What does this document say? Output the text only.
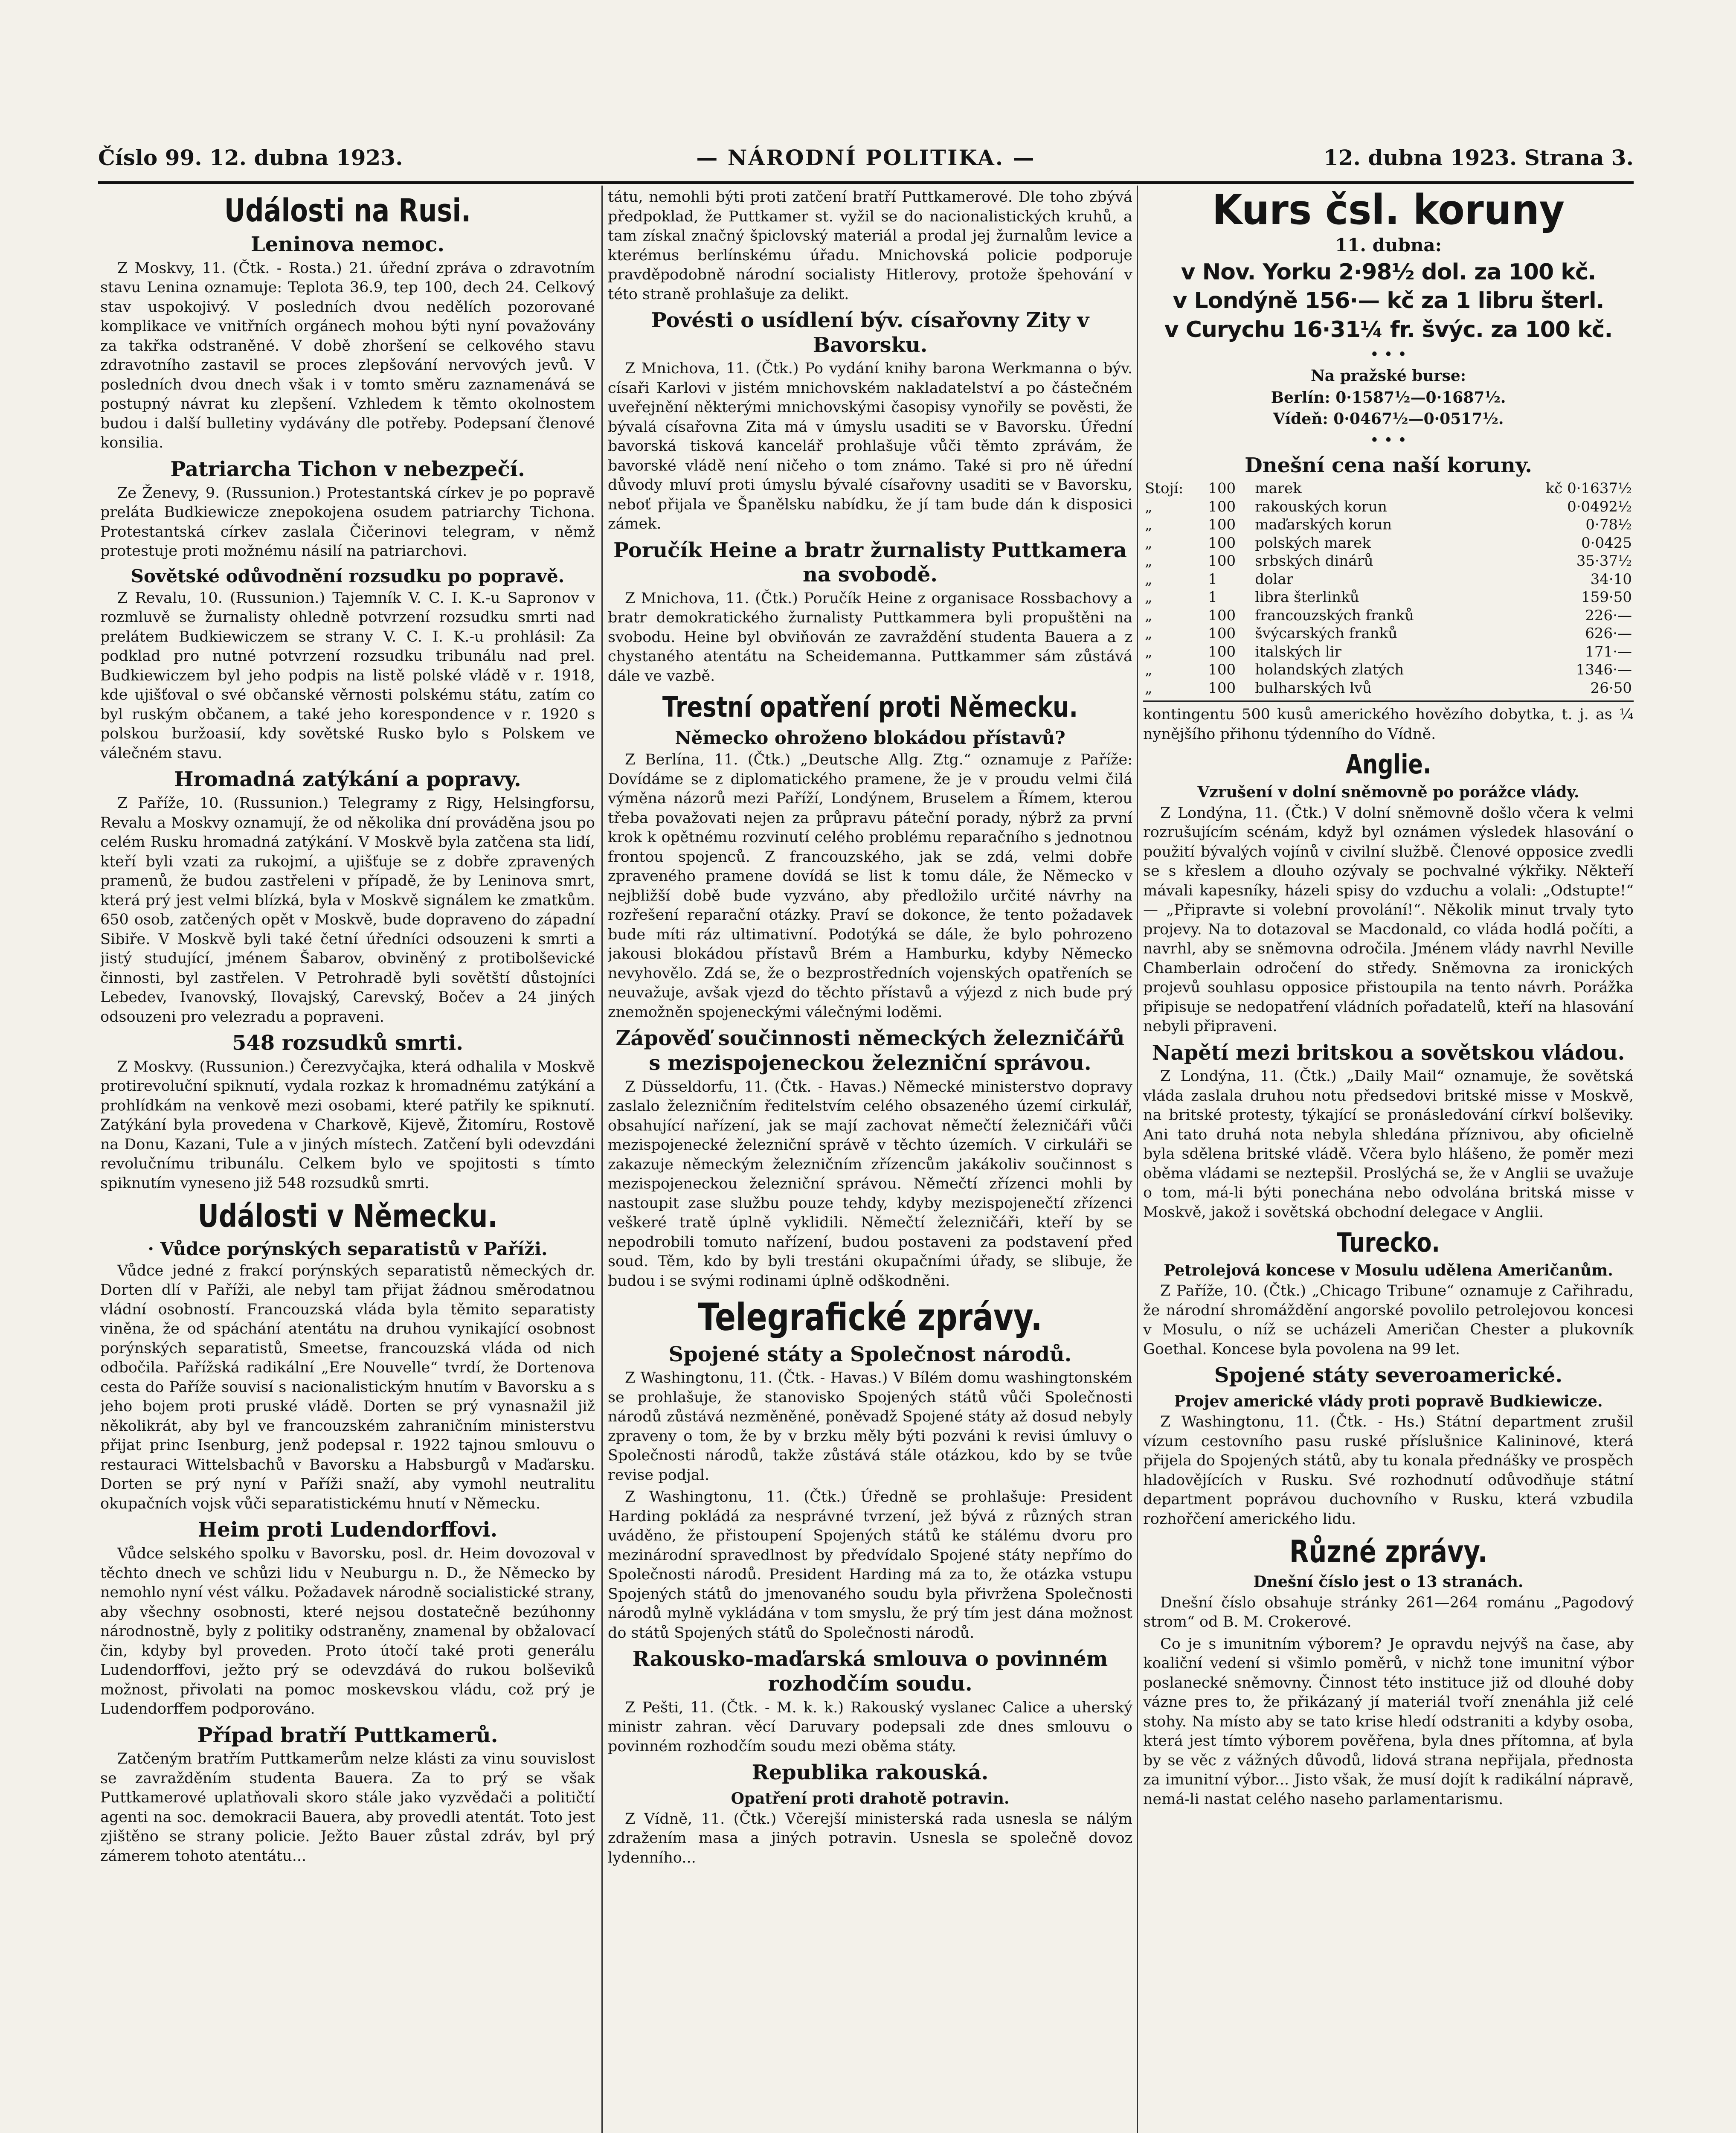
Číslo 99. 12. dubna 1923.	— NÁRODNÍ POLITIKA. —	12. dubna 1923. Strana 3.
Události na Rusi.
Leninova nemoc.

Z Moskvy, 11. (Čtk. - Rosta.) 21. úřední zpráva o zdravotním stavu Lenina oznamuje: Teplota 36.9, tep 100, dech 24. Celkový stav uspokojivý. V posledních dvou nedělích pozorované komplikace ve vnitřních orgánech mohou býti nyní považovány za takřka odstraněné. V době zhoršení se celkového stavu zdravotního zastavil se proces zlepšování nervových jevů. V posledních dvou dnech však i v tomto směru zaznamenává se postupný návrat ku zlepšení. Vzhledem k těmto okolnostem budou i další bulletiny vydávány dle potřeby. Podepsaní členové konsilia.

Patriarcha Tichon v nebezpečí.

Ze Ženevy, 9. (Russunion.) Protestantská církev je po popravě preláta Budkiewicze znepokojena osudem patriarchy Tichona. Protestantská církev zaslala Čičerinovi telegram, v němž protestuje proti možnému násilí na patriarchovi.

Sovětské odůvodnění rozsudku po popravě.

Z Revalu, 10. (Russunion.) Tajemník V. C. I. K.-u Sapronov v rozmluvě se žurnalisty ohledně potvrzení rozsudku smrti nad prelátem Budkiewiczem se strany V. C. I. K.-u prohlásil: Za podklad pro nutné potvrzení rozsudku tribunálu nad prel. Budkiewiczem byl jeho podpis na listě polské vládě v r. 1918, kde ujišťoval o své občanské věrnosti polskému státu, zatím co byl ruským občanem, a také jeho korespondence v r. 1920 s polskou buržoasií, kdy sovětské Rusko bylo s Polskem ve válečném stavu.

Hromadná zatýkání a popravy.

Z Paříže, 10. (Russunion.) Telegramy z Rigy, Helsingforsu, Revalu a Moskvy oznamují, že od několika dní prováděna jsou po celém Rusku hromadná zatýkání. V Moskvě byla zatčena sta lidí, kteří byli vzati za rukojmí, a ujišťuje se z dobře zpravených pramenů, že budou zastřeleni v případě, že by Leninova smrt, která prý jest velmi blízká, byla v Moskvě signálem ke zmatkům. 650 osob, zatčených opět v Moskvě, bude dopraveno do západní Sibiře. V Moskvě byli také četní úředníci odsouzeni k smrti a jistý studující, jménem Šabarov, obviněný z protibolševické činnosti, byl zastřelen. V Petrohradě byli sovětští důstojníci Lebedev, Ivanovský, Ilovajský, Carevský, Bočev a 24 jiných odsouzeni pro velezradu a popraveni.

548 rozsudků smrti.

Z Moskvy. (Russunion.) Čerezvyčajka, která odhalila v Moskvě protirevoluční spiknutí, vydala rozkaz k hromadnému zatýkání a prohlídkám na venkově mezi osobami, které patřily ke spiknutí. Zatýkání byla provedena v Charkově, Kijevě, Žitomíru, Rostově na Donu, Kazani, Tule a v jiných místech. Zatčení byli odevzdáni revolučnímu tribunálu. Celkem bylo ve spojitosti s tímto spiknutím vyneseno již 548 rozsudků smrti.

Události v Německu.
· Vůdce porýnských separatistů v Paříži.

Vůdce jedné z frakcí porýnských separatistů německých dr. Dorten dlí v Paříži, ale nebyl tam přijat žádnou směrodatnou vládní osobností. Francouzská vláda byla těmito separatisty viněna, že od spáchání atentátu na druhou vynikající osobnost porýnských separatistů, Smeetse, francouzská vláda od nich odbočila. Pařížská radikální „Ere Nouvelle“ tvrdí, že Dortenova cesta do Paříže souvisí s nacionalistickým hnutím v Bavorsku a s jeho bojem proti pruské vládě. Dorten se prý vynasnažil již několikrát, aby byl ve francouzském zahraničním ministerstvu přijat princ Isenburg, jenž podepsal r. 1922 tajnou smlouvu o restauraci Wittelsbachů v Bavorsku a Habsburgů v Maďarsku. Dorten se prý nyní v Paříži snaží, aby vymohl neutralitu okupačních vojsk vůči separatistickému hnutí v Německu.

Heim proti Ludendorffovi.

Vůdce selského spolku v Bavorsku, posl. dr. Heim dovozoval v těchto dnech ve schůzi lidu v Neuburgu n. D., že Německo by nemohlo nyní vést válku. Požadavek národně socialistické strany, aby všechny osobnosti, které nejsou dostatečně bezúhonny národnostně, byly z politiky odstraněny, znamenal by obžalovací čin, kdyby byl proveden. Proto útočí také proti generálu Ludendorffovi, ježto prý se odevzdává do rukou bolševiků možnost, přivolati na pomoc moskevskou vládu, což prý je Ludendorffem podporováno.

Případ bratří Puttkamerů.

Zatčeným bratřím Puttkamerům nelze klásti za vinu souvislost se zavražděním studenta Bauera. Za to prý se však Puttkamerové uplatňovali skoro stále jako vyzvědači a političtí agenti na soc. demokracii Bauera, aby provedli atentát. Toto jest zjištěno se strany policie. Ježto Bauer zůstal zdráv, byl prý zámerem tohoto atentátu...

tátu, nemohli býti proti zatčení bratří Puttkamerové. Dle toho zbývá předpoklad, že Puttkamer st. vyžil se do nacionalistických kruhů, a tam získal značný špiclovský materiál a prodal jej žurnalům levice a kterémus berlínskému úřadu. Mnichovská policie podporuje pravděpodobně národní socialisty Hitlerovy, protože špehování v této straně prohlašuje za delikt.

Povésti o usídlení býv. císařovny Zity v Bavorsku.

Z Mnichova, 11. (Čtk.) Po vydání knihy barona Werkmanna o býv. císaři Karlovi v jistém mnichovském nakladatelství a po částečném uveřejnění některými mnichovskými časopisy vynořily se pověsti, že bývalá císařovna Zita má v úmyslu usaditi se v Bavorsku. Úřední bavorská tisková kancelář prohlašuje vůči těmto zprávám, že bavorské vládě není ničeho o tom známo. Také si pro ně úřední důvody mluví proti úmyslu bývalé císařovny usaditi se v Bavorsku, neboť přijala ve Španělsku nabídku, že jí tam bude dán k disposici zámek.

Poručík Heine a bratr žurnalisty Puttkamera na svobodě.

Z Mnichova, 11. (Čtk.) Poručík Heine z organisace Rossbachovy a bratr demokratického žurnalisty Puttkammera byli propuštěni na svobodu. Heine byl obviňován ze zavraždění studenta Bauera a z chystaného atentátu na Scheidemanna. Puttkammer sám zůstává dále ve vazbě.

Trestní opatření proti Německu.
Německo ohroženo blokádou přístavů?

Z Berlína, 11. (Čtk.) „Deutsche Allg. Ztg.“ oznamuje z Paříže: Dovídáme se z diplomatického pramene, že je v proudu velmi čilá výměna názorů mezi Paříží, Londýnem, Bruselem a Římem, kterou třeba považovati nejen za průpravu páteční porady, nýbrž za první krok k opětnému rozvinutí celého problému reparačního s jednotnou frontou spojenců. Z francouzského, jak se zdá, velmi dobře zpraveného pramene dovídá se list k tomu dále, že Německo v nejbližší době bude vyzváno, aby předložilo určité návrhy na rozřešení reparační otázky. Praví se dokonce, že tento požadavek bude míti ráz ultimativní. Podotýká se dále, že bylo pohrozeno jakousi blokádou přístavů Brém a Hamburku, kdyby Německo nevyhovělo. Zdá se, že o bezprostředních vojenských opatřeních se neuvažuje, avšak vjezd do těchto přístavů a výjezd z nich bude prý znemožněn spojeneckými válečnými loděmi.

Zápověď součinnosti německých železničářů s mezispojeneckou železniční správou.

Z Düsseldorfu, 11. (Čtk. - Havas.) Německé ministerstvo dopravy zaslalo železničním ředitelstvím celého obsazeného území cirkulář, obsahující nařízení, jak se mají zachovat němečtí železničáři vůči mezispojenecké železniční správě v těchto územích. V cirkuláři se zakazuje německým železničním zřízencům jakákoliv součinnost s mezispojeneckou železniční správou. Němečtí zřízenci mohli by nastoupit zase službu pouze tehdy, kdyby mezispojenečtí zřízenci veškeré tratě úplně vyklidili. Němečtí železničáři, kteří by se nepodrobili tomuto nařízení, budou postaveni za podstavení před soud. Těm, kdo by byli trestáni okupačními úřady, se slibuje, že budou i se svými rodinami úplně odškodněni.

Telegrafické zprávy.
Spojené státy a Společnost národů.

Z Washingtonu, 11. (Čtk. - Havas.) V Bílém domu washingtonském se prohlašuje, že stanovisko Spojených států vůči Společnosti národů zůstává nezměněné, poněvadž Spojené státy až dosud nebyly zpraveny o tom, že by v brzku měly býti pozváni k revisi úmluvy o Společnosti národů, takže zůstává stále otázkou, kdo by se tvůe revise podjal.

Z Washingtonu, 11. (Čtk.) Úředně se prohlašuje: President Harding pokládá za nesprávné tvrzení, jež bývá z různých stran uváděno, že přistoupení Spojených států ke stálému dvoru pro mezinárodní spravedlnost by předvídalo Spojené státy nepřímo do Společnosti národů. President Harding má za to, že otázka vstupu Spojených států do jmenovaného soudu byla přivržena Společnosti národů mylně vykládána v tom smyslu, že prý tím jest dána možnost do států Spojených států do Společnosti národů.

Rakousko-maďarská smlouva o povinném rozhodčím soudu.

Z Pešti, 11. (Čtk. - M. k. k.) Rakouský vyslanec Calice a uherský ministr zahran. věcí Daruvary podepsali zde dnes smlouvu o povinném rozhodčím soudu mezi oběma státy.

Republika rakouská.
Opatření proti drahotě potravin.

Z Vídně, 11. (Čtk.) Včerejší ministerská rada usnesla se nálým zdražením masa a jiných potravin. Usnesla se společně dovoz lydenního...

Kurs čsl. koruny
11. dubna:
v Nov. Yorku 2·98½ dol. za 100 kč.
v Londýně 156·— kč za 1 libru šterl.
v Curychu 16·31¼ fr. švýc. za 100 kč.
• • •
Na pražské burse:
Berlín: 0·1587½—0·1687½.
Vídeň: 0·0467½—0·0517½.
• • •
Dnešní cena naší koruny.
Stojí:	100	marek	kč 0·1637½
„	100	rakouských korun	0·0492½
„	100	maďarských korun	0·78½
„	100	polských marek	0·0425
„	100	srbských dinárů	35·37½
„	1	dolar	34·10
„	1	libra šterlinků	159·50
„	100	francouzských franků	226·—
„	100	švýcarských franků	626·—
„	100	italských lir	171·—
„	100	holandských zlatých	1346·—
„	100	bulharských lvů	26·50

kontingentu 500 kusů amerického hovězího dobytka, t. j. as ¼ nynějšího přihonu týdenního do Vídně.

Anglie.
Vzrušení v dolní sněmovně po porážce vlády.

Z Londýna, 11. (Čtk.) V dolní sněmovně došlo včera k velmi rozrušujícím scénám, když byl oznámen výsledek hlasování o použití bývalých vojínů v civilní službě. Členové opposice zvedli se s křeslem a dlouho ozývaly se pochvalné výkřiky. Někteří mávali kapesníky, házeli spisy do vzduchu a volali: „Odstupte!“ — „Připravte si volební provolání!“. Několik minut trvaly tyto projevy. Na to dotazoval se Macdonald, co vláda hodlá počíti, a navrhl, aby se sněmovna odročila. Jménem vlády navrhl Neville Chamberlain odročení do středy. Sněmovna za ironických projevů souhlasu opposice přistoupila na tento návrh. Porážka připisuje se nedopatření vládních pořadatelů, kteří na hlasování nebyli připraveni.

Napětí mezi britskou a sovětskou vládou.

Z Londýna, 11. (Čtk.) „Daily Mail“ oznamuje, že sovětská vláda zaslala druhou notu předsedovi britské misse v Moskvě, na britské protesty, týkající se pronásledování církví bolševiky. Ani tato druhá nota nebyla shledána příznivou, aby oficielně byla sdělena britské vládě. Včera bylo hlášeno, že poměr mezi oběma vládami se neztepšil. Proslýchá se, že v Anglii se uvažuje o tom, má-li býti ponechána nebo odvolána britská misse v Moskvě, jakož i sovětská obchodní delegace v Anglii.

Turecko.
Petrolejová koncese v Mosulu udělena Američanům.

Z Paříže, 10. (Čtk.) „Chicago Tribune“ oznamuje z Cařihradu, že národní shromáždění angorské povolilo petrolejovou koncesi v Mosulu, o níž se ucházeli Američan Chester a plukovník Goethal. Koncese byla povolena na 99 let.

Spojené státy severoamerické.
Projev americké vlády proti popravě Budkiewicze.

Z Washingtonu, 11. (Čtk. - Hs.) Státní department zrušil vízum cestovního pasu ruské příslušnice Kalininové, která přijela do Spojených států, aby tu konala přednášky ve prospěch hladovějících v Rusku. Své rozhodnutí odůvodňuje státní department poprávou duchovního v Rusku, která vzbudila rozhořčení amerického lidu.

Různé zprávy.
Dnešní číslo jest o 13 stranách.

Dnešní číslo obsahuje stránky 261—264 románu „Pagodový strom“ od B. M. Crokerové.

Co je s imunitním výborem? Je opravdu nejvýš na čase, aby koaliční vedení si všimlo poměrů, v nichž tone imunitní výbor poslanecké sněmovny. Činnost této instituce již od dlouhé doby vázne pres to, že přikázaný jí materiál tvoří znenáhla již celé stohy. Na místo aby se tato krise hledí odstraniti a kdyby osoba, která jest tímto výborem pověřena, byla dnes přítomna, ať byla by se věc z vážných důvodů, lidová strana nepřijala, přednosta za imunitní výbor... Jisto však, že musí dojít k radikální nápravě, nemá-li nastat celého naseho parlamentarismu.
